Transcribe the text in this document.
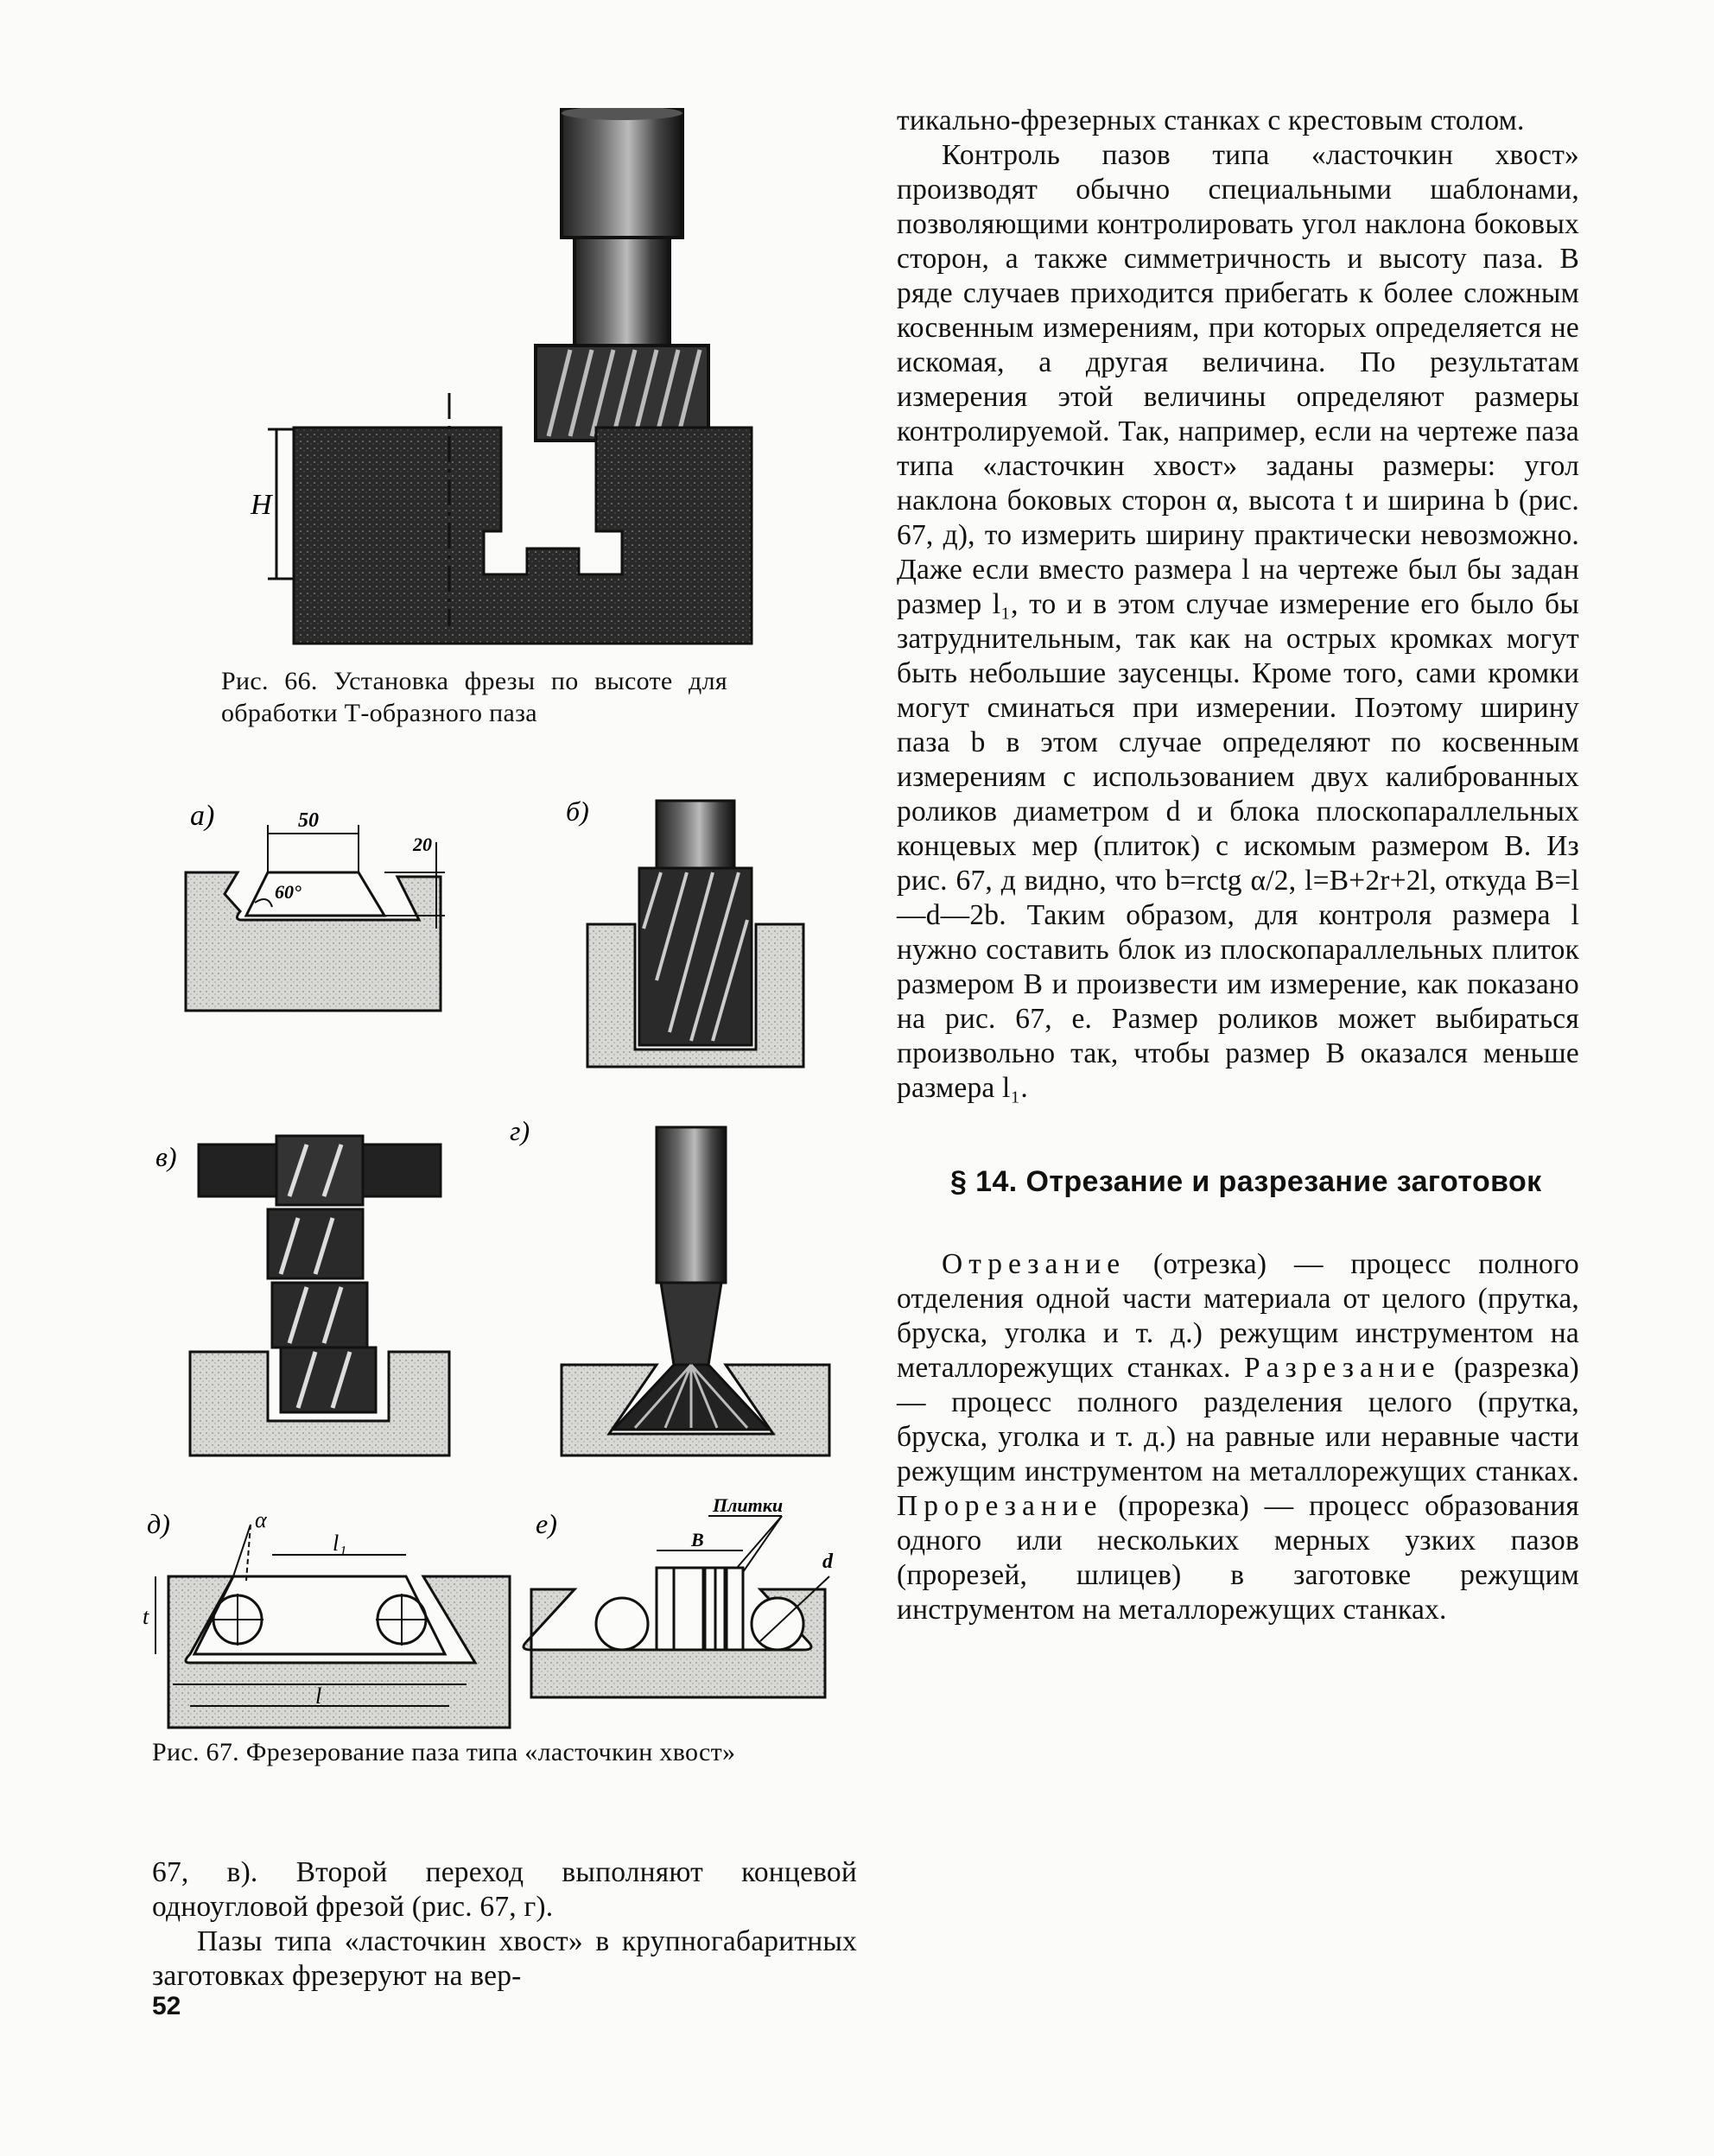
H
Рис. 66. Установка фрезы по высоте для обработки Т-образного паза
а)	50
20
60°
б)
в)
г)
д)	α
l₁
t
l
е)
Плитки
В
d
Рис. 67. Фрезерование паза типа «ласточкин хвост»

67, в). Второй переход выполняют концевой одноугловой фрезой (рис. 67, г).

Пазы типа «ласточкин хвост» в крупногабаритных заготовках фрезеруют на вер-

тикально-фрезерных станках с крестовым столом.

Контроль пазов типа «ласточкин хвост» производят обычно специальными шаблонами, позволяющими контролировать угол наклона боковых сторон, а также симметричность и высоту паза. В ряде случаев приходится прибегать к более сложным косвенным измерениям, при которых определяется не искомая, а другая величина. По результатам измерения этой величины определяют размеры контролируемой. Так, например, если на чертеже паза типа «ласточкин хвост» заданы размеры: угол наклона боковых сторон α, высота t и ширина b (рис. 67, д), то измерить ширину практически невозможно. Даже если вместо размера l на чертеже был бы задан размер l₁, то и в этом случае измерение его было бы затруднительным, так как на острых кромках могут быть небольшие заусенцы. Кроме того, сами кромки могут сминаться при измерении. Поэтому ширину паза b в этом случае определяют по косвенным измерениям с использованием двух калиброванных роликов диаметром d и блока плоскопараллельных концевых мер (плиток) с искомым размером B. Из рис. 67, д видно, что b=rctg α/2, l=B+2r+2l, откуда B=l—d—2b. Таким образом, для контроля размера l нужно составить блок из плоскопараллельных плиток размером B и произвести им измерение, как показано на рис. 67, е. Размер роликов может выбираться произвольно так, чтобы размер B оказался меньше размера l₁.

§ 14. Отрезание и разрезание заготовок

Отрезание (отрезка) — процесс полного отделения одной части материала от целого (прутка, бруска, уголка и т. д.) режущим инструментом на металлорежущих станках. Разрезание (разрезка) — процесс полного разделения целого (прутка, бруска, уголка и т. д.) на равные или неравные части режущим инструментом на металлорежущих станках. Прорезание (прорезка) — процесс образования одного или нескольких мерных узких пазов (прорезей, шлицев) в заготовке режущим инструментом на металлорежущих станках.

52
